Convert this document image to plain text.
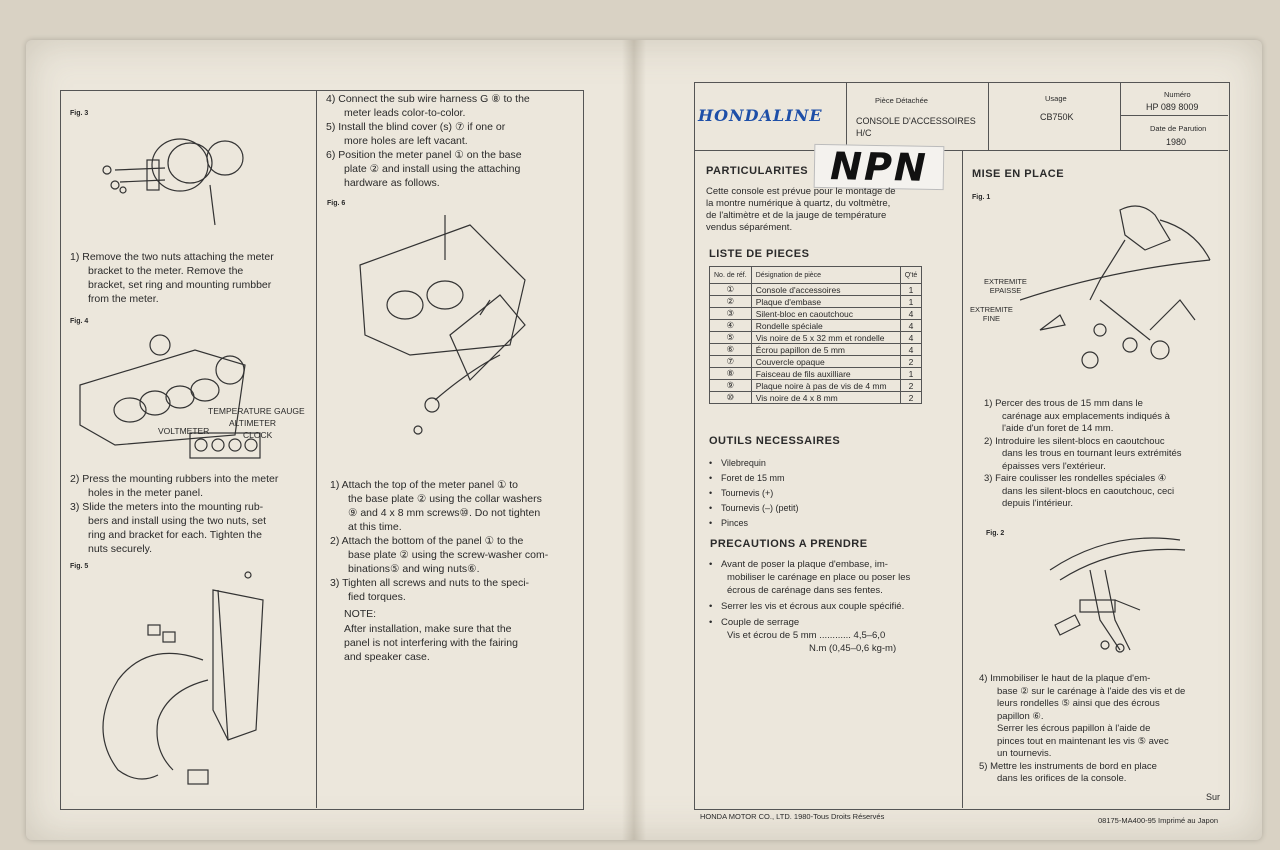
Fig. 3
1) Remove the two nuts attaching the meter
bracket to the meter. Remove the
bracket, set ring and mounting rumbber
from the meter.
Fig. 4
TEMPERATURE GAUGE
ALTIMETER
CLOCK
VOLTMETER
2) Press the mounting rubbers into the meter
holes in the meter panel.
3) Slide the meters into the mounting rub-
bers and install using the two nuts, set
ring and bracket for each. Tighten the
nuts securely.
Fig. 5
4) Connect the sub wire harness G ⑧ to the
meter leads color-to-color.
5) Install the blind cover (s) ⑦ if one or
more holes are left vacant.
6) Position the meter panel ① on the base
plate ② and install using the attaching
hardware as follows.
Fig. 6
1) Attach the top of the meter panel ① to
the base plate ② using the collar washers
⑨ and 4 x 8 mm screws⑩. Do not tighten
at this time.
2) Attach the bottom of the panel ① to the
base plate ② using the screw-washer com-
binations⑤ and wing nuts⑥.
3) Tighten all screws and nuts to the speci-
fied torques.
NOTE:
After installation, make sure that the
panel is not interfering with the fairing
and speaker case.
HONDALINE
Pièce Détachée
CONSOLE D'ACCESSOIRES
H/C
Usage
CB750K
Numéro
HP 089 8009
Date de Parution
1980
NPN
PARTICULARITES
Cette console est prévue pour le montage de
la montre numérique à quartz, du voltmètre,
de l'altimètre et de la jauge de température
vendus séparément.
LISTE DE PIECES
No. de réf.	Désignation de pièce	Q'té
①	Console d'accessoires	1
②	Plaque d'embase	1
③	Silent-bloc en caoutchouc	4
④	Rondelle spéciale	4
⑤	Vis noire de 5 x 32 mm et rondelle	4
⑥	Écrou papillon de 5 mm	4
⑦	Couvercle opaque	2
⑧	Faisceau de fils auxilliare	1
⑨	Plaque noire à pas de vis de 4 mm	2
⑩	Vis noire de 4 x 8 mm	2
OUTILS NECESSAIRES
• Vilebrequin
• Foret de 15 mm
• Tournevis (+)
• Tournevis (–) (petit)
• Pinces
PRECAUTIONS A PRENDRE
• Avant de poser la plaque d'embase, im-
mobiliser le carénage en place ou poser les
écrous de carénage dans ses fentes.
• Serrer les vis et écrous aux couple spécifié.
• Couple de serrage
Vis et écrou de 5 mm ............ 4,5–6,0
N.m (0,45–0,6 kg-m)
MISE EN PLACE
Fig. 1
EXTREMITE
EPAISSE
EXTREMITE
FINE
1) Percer des trous de 15 mm dans le
carénage aux emplacements indiqués à
l'aide d'un foret de 14 mm.
2) Introduire les silent-blocs en caoutchouc
dans les trous en tournant leurs extrémités
épaisses vers l'extérieur.
3) Faire coulisser les rondelles spéciales ④
dans les silent-blocs en caoutchouc, ceci
depuis l'intérieur.
Fig. 2
4) Immobiliser le haut de la plaque d'em-
base ② sur le carénage à l'aide des vis et de
leurs rondelles ⑤ ainsi que des écrous
papillon ⑥.
Serrer les écrous papillon à l'aide de
pinces tout en maintenant les vis ⑤ avec
un tournevis.
5) Mettre les instruments de bord en place
dans les orifices de la console.
Sur
HONDA MOTOR CO., LTD. 1980-Tous Droits Réservés	08175-MA400-95 Imprimé au Japon
